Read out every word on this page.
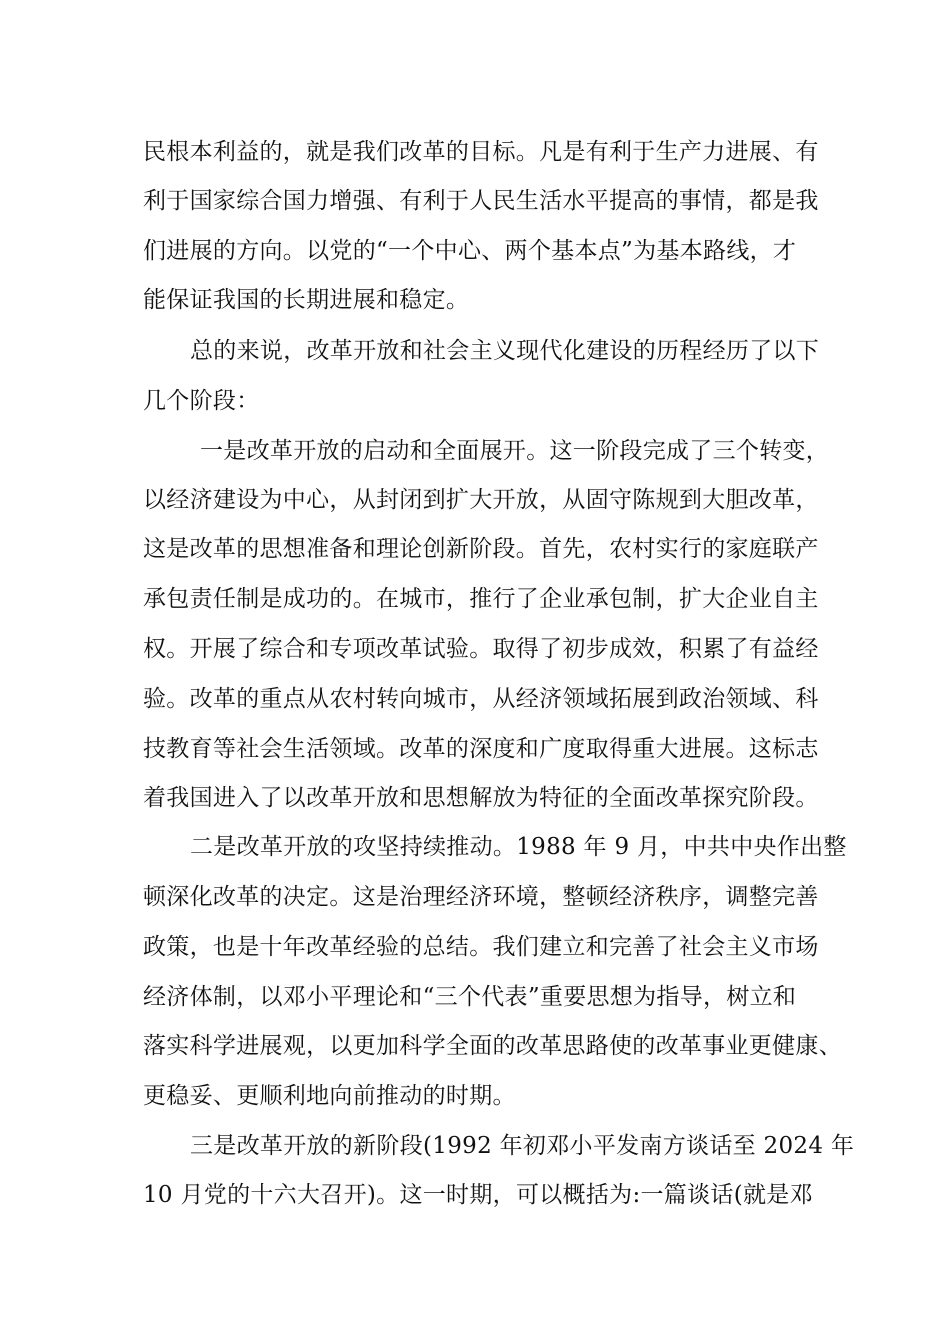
民根本利益的，就是我们改革的目标。凡是有利于生产力进展、有
利于国家综合国力增强、有利于人民生活水平提高的事情，都是我
们进展的方向。以党的“一个中心、两个基本点”为基本路线，才
能保证我国的长期进展和稳定。
总的来说，改革开放和社会主义现代化建设的历程经历了以下
几个阶段：
一是改革开放的启动和全面展开。这一阶段完成了三个转变，
以经济建设为中心，从封闭到扩大开放，从固守陈规到大胆改革，
这是改革的思想准备和理论创新阶段。首先，农村实行的家庭联产
承包责任制是成功的。在城市，推行了企业承包制，扩大企业自主
权。开展了综合和专项改革试验。取得了初步成效，积累了有益经
验。改革的重点从农村转向城市，从经济领域拓展到政治领域、科
技教育等社会生活领域。改革的深度和广度取得重大进展。这标志
着我国进入了以改革开放和思想解放为特征的全面改革探究阶段。
二是改革开放的攻坚持续推动。1988 年 9 月，中共中央作出整
顿深化改革的决定。这是治理经济环境，整顿经济秩序，调整完善
政策，也是十年改革经验的总结。我们建立和完善了社会主义市场
经济体制，以邓小平理论和“三个代表”重要思想为指导，树立和
落实科学进展观，以更加科学全面的改革思路使的改革事业更健康、
更稳妥、更顺利地向前推动的时期。
三是改革开放的新阶段(1992 年初邓小平发南方谈话至 2024 年
10 月党的十六大召开)。这一时期，可以概括为:一篇谈话(就是邓
